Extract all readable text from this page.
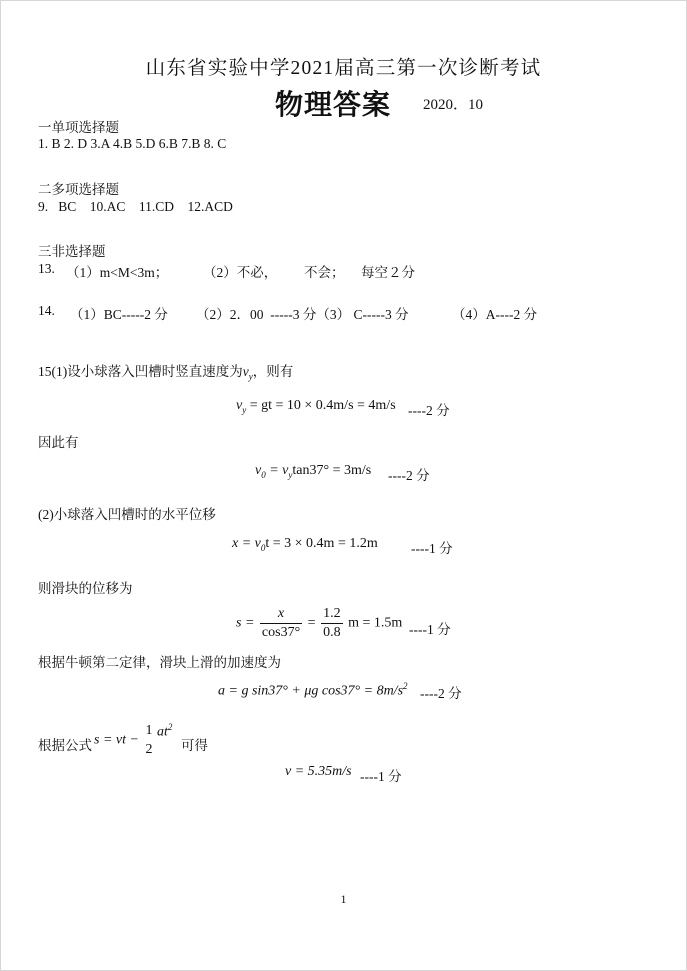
山东省实验中学2021届高三第一次诊断考试
物理答案 2020．10
一单项选择题
1. B 2. D 3.A 4.B 5.D 6.B 7.B 8. C
二多项选择题
9.   BC    10.AC    11.CD    12.ACD
三非选择题
13. （1）m<M<3m；	（2）不必， 不会； 每空２分
14. （1）BC-----2 分 （2）2．00  -----3 分（3） C-----3 分	（4）A----2 分
15(1)设小球落入凹槽时竖直速度为$v_y$，则有
$v_y$ = gt = 10 × 0.4m/s = 4m/s ----2 分
因此有
$v_0 = v_y\tan 37^\circ = 3m/s$ ----2 分
(2)小球落入凹槽时的水平位移
$x = v_0t = 3 \times 0.4m = 1.2m$ ----1 分
则滑块的位移为
$s = \frac{x}{\cos 37^\circ} = \frac{1.2}{0.8}$ m = 1.5m ----1 分
根据牛顿第二定律，滑块上滑的加速度为
a = g sin37° + μg $\cos 37^\circ = 8m/s^2$ ----2 分
根据公式 s = vt − $\frac{1}{2} at^2$
可得
v = 5.35m/s ----1 分
1
